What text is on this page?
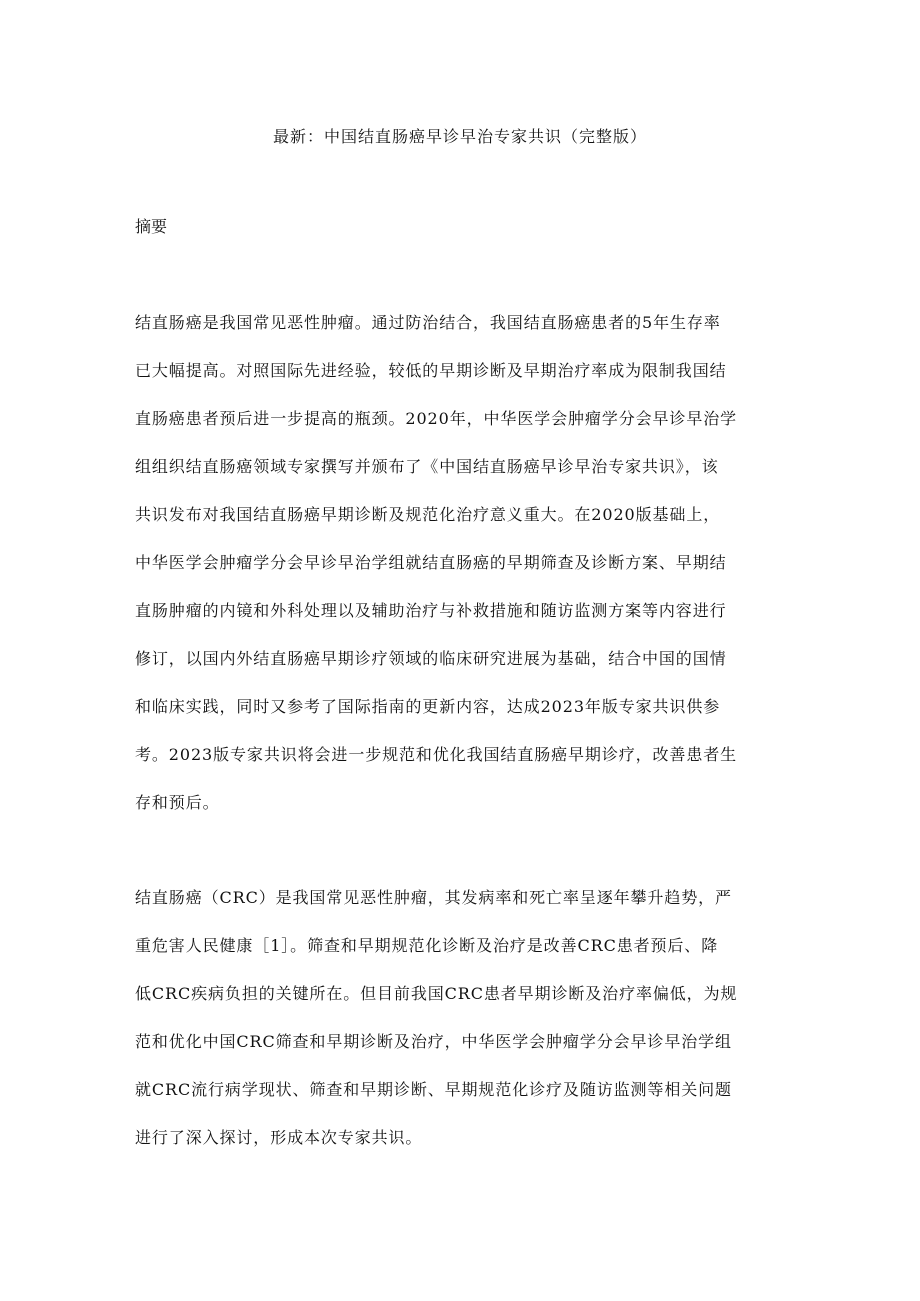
最新：中国结直肠癌早诊早治专家共识（完整版）
摘要
结直肠癌是我国常见恶性肿瘤。通过防治结合，我国结直肠癌患者的5年生存率
已大幅提高。对照国际先进经验，较低的早期诊断及早期治疗率成为限制我国结
直肠癌患者预后进一步提高的瓶颈。2020年，中华医学会肿瘤学分会早诊早治学
组组织结直肠癌领域专家撰写并颁布了《中国结直肠癌早诊早治专家共识》，该
共识发布对我国结直肠癌早期诊断及规范化治疗意义重大。在2020版基础上，
中华医学会肿瘤学分会早诊早治学组就结直肠癌的早期筛查及诊断方案、早期结
直肠肿瘤的内镜和外科处理以及辅助治疗与补救措施和随访监测方案等内容进行
修订，以国内外结直肠癌早期诊疗领域的临床研究进展为基础，结合中国的国情
和临床实践，同时又参考了国际指南的更新内容，达成2023年版专家共识供参
考。2023版专家共识将会进一步规范和优化我国结直肠癌早期诊疗，改善患者生
存和预后。
结直肠癌（CRC）是我国常见恶性肿瘤，其发病率和死亡率呈逐年攀升趋势，严
重危害人民健康［1］。筛查和早期规范化诊断及治疗是改善CRC患者预后、降
低CRC疾病负担的关键所在。但目前我国CRC患者早期诊断及治疗率偏低，为规
范和优化中国CRC筛查和早期诊断及治疗，中华医学会肿瘤学分会早诊早治学组
就CRC流行病学现状、筛查和早期诊断、早期规范化诊疗及随访监测等相关问题
进行了深入探讨，形成本次专家共识。
